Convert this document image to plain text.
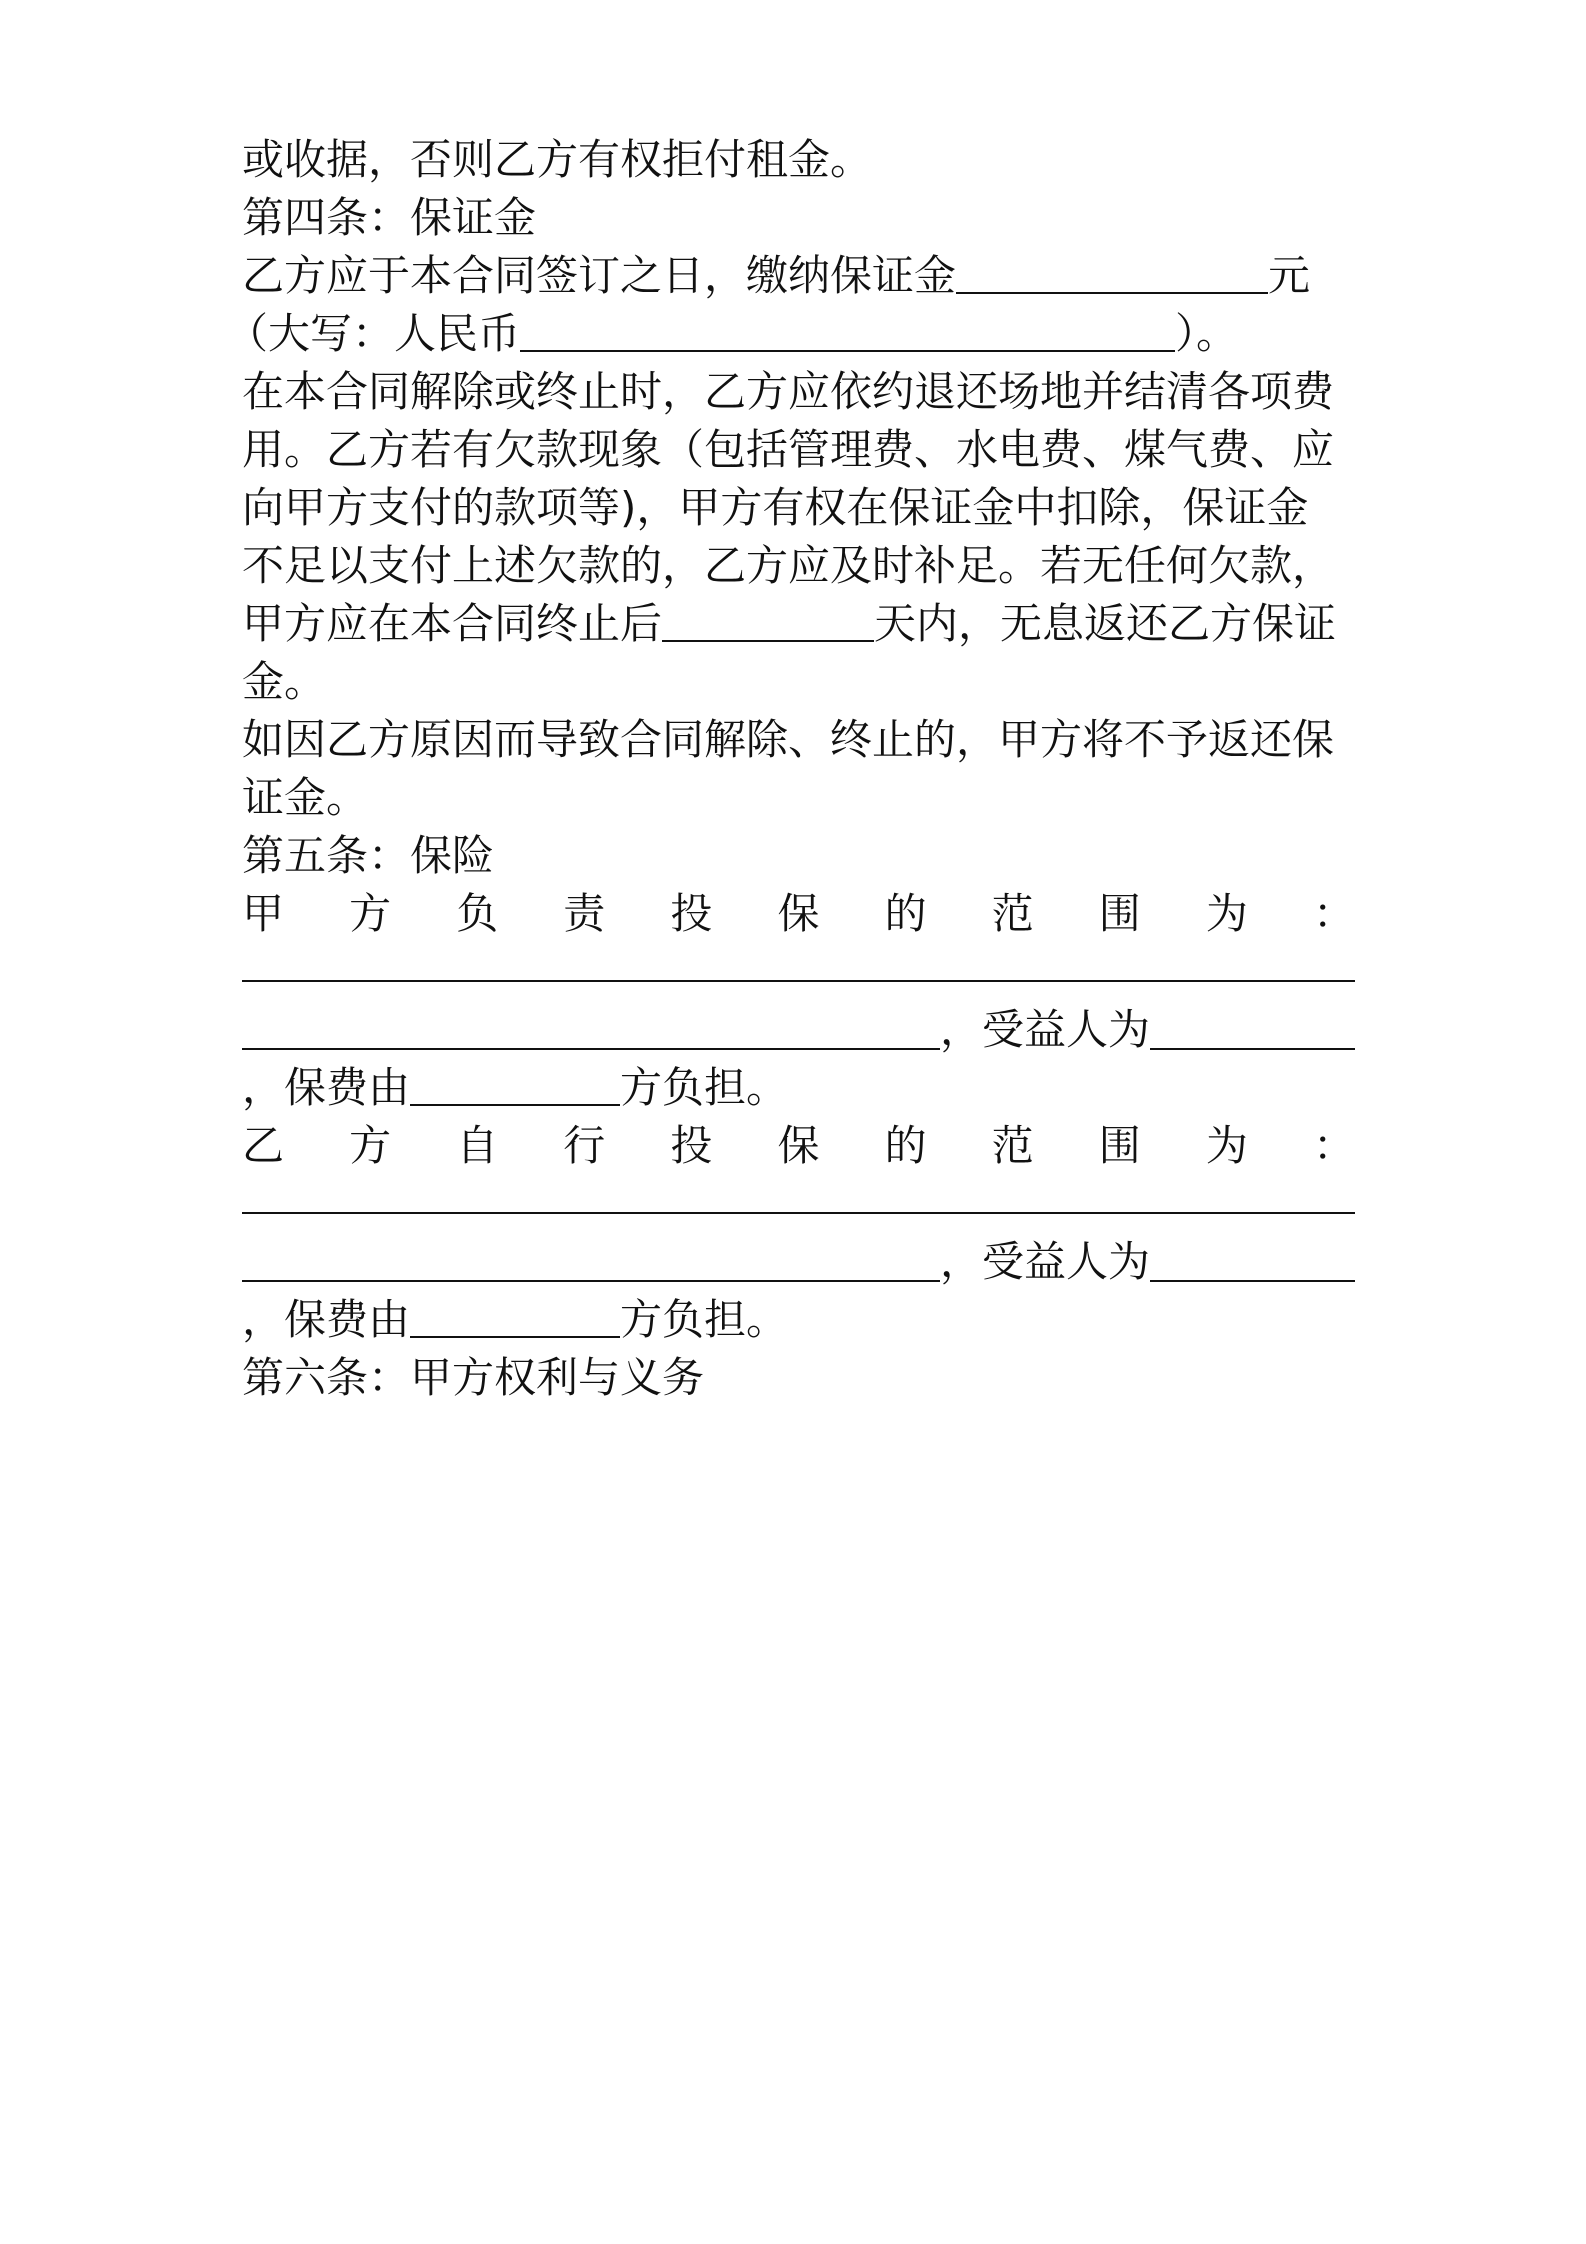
或收据，否则乙方有权拒付租金。
第四条：保证金
乙方应于本合同签订之日，缴纳保证金	元
（大写：人民币	）。
在本合同解除或终止时，乙方应依约退还场地并结清各项费
用。乙方若有欠款现象（包括管理费、水电费、煤气费、应
向甲方支付的款项等)，甲方有权在保证金中扣除，保证金
不足以支付上述欠款的，乙方应及时补足。若无任何欠款，
甲方应在本合同终止后	天内，无息返还乙方保证
金。
如因乙方原因而导致合同解除、终止的，甲方将不予返还保
证金。
第五条：保险
甲 方 负 责 投 保 的 范 围 为 ：
，受益人为
，保费由	方负担。
乙 方 自 行 投 保 的 范 围 为 ：
，受益人为
，保费由	方负担。
第六条：甲方权利与义务
